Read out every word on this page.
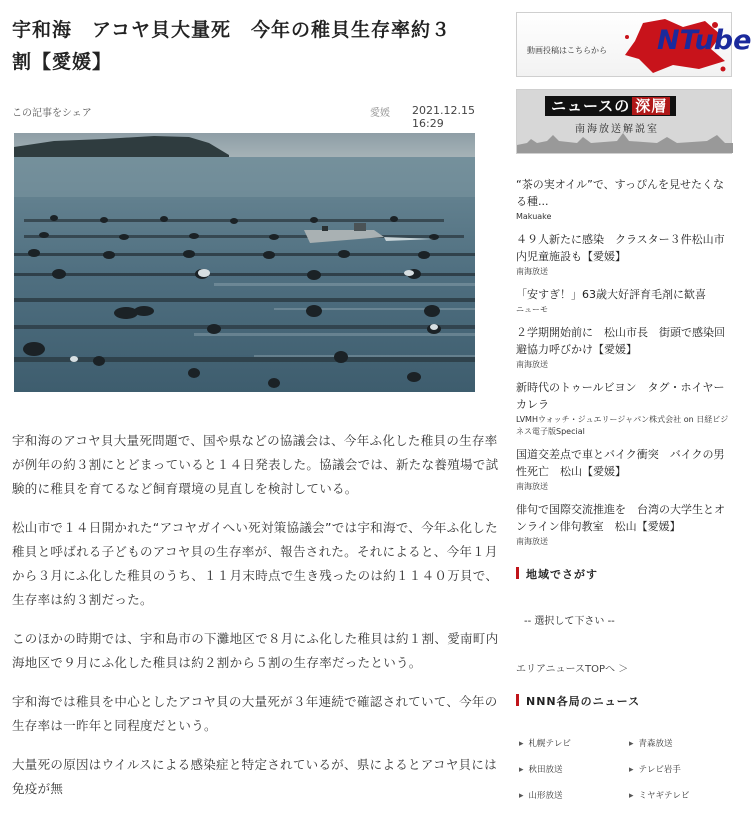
宇和海　アコヤ貝大量死　今年の稚貝生存率約３
割【愛媛】
この記事をシェア	愛媛 2021.12.15 16:29

宇和海のアコヤ貝大量死問題で、国や県などの協議会は、今年ふ化した稚貝の生存率が例年の約３割にとどまっていると１４日発表した。協議会では、新たな養殖場で試験的に稚貝を育てるなど飼育環境の見直しを検討している。

松山市で１４日開かれた“アコヤガイへい死対策協議会”では宇和海で、今年ふ化した稚貝と呼ばれる子どものアコヤ貝の生存率が、報告された。それによると、今年１月から３月にふ化した稚貝のうち、１１月末時点で生き残ったのは約１１４０万貝で、生存率は約３割だった。

このほかの時期では、宇和島市の下灘地区で８月にふ化した稚貝は約１割、愛南町内海地区で９月にふ化した稚貝は約２割から５割の生存率だったという。

宇和海では稚貝を中心としたアコヤ貝の大量死が３年連続で確認されていて、今年の生存率は一昨年と同程度だという。

大量死の原因はウイルスによる感染症と特定されているが、県によるとアコヤ貝には免疫が無

動画投稿はこちらから NTube
ニュースの 深層
南海放送解説室
“茶の実オイル”で、すっぴんを見せたくなる種...
Makuake
４９人新たに感染　クラスター３件松山市内児童施設も【愛媛】
南海放送
「安すぎ！」63歳大好評育毛剤に歓喜
ニューモ
２学期開始前に　松山市長　街頭で感染回避協力呼びかけ【愛媛】
南海放送
新時代のトゥールビヨン　タグ・ホイヤー カレラ
LVMHウォッチ・ジュエリージャパン株式会社 on 日経ビジネス電子版Special
国道交差点で車とバイク衝突　バイクの男性死亡　松山【愛媛】
南海放送
俳句で国際交流推進を　台湾の大学生とオンライン俳句教室　松山【愛媛】
南海放送
地域でさがす
-- 選択して下さい --
エリアニュースTOPへ ＞
NNN各局のニュース
▸ 札幌テレビ	▸ 青森放送
▸ 秋田放送	▸ テレビ岩手
▸ 山形放送	▸ ミヤギテレビ
